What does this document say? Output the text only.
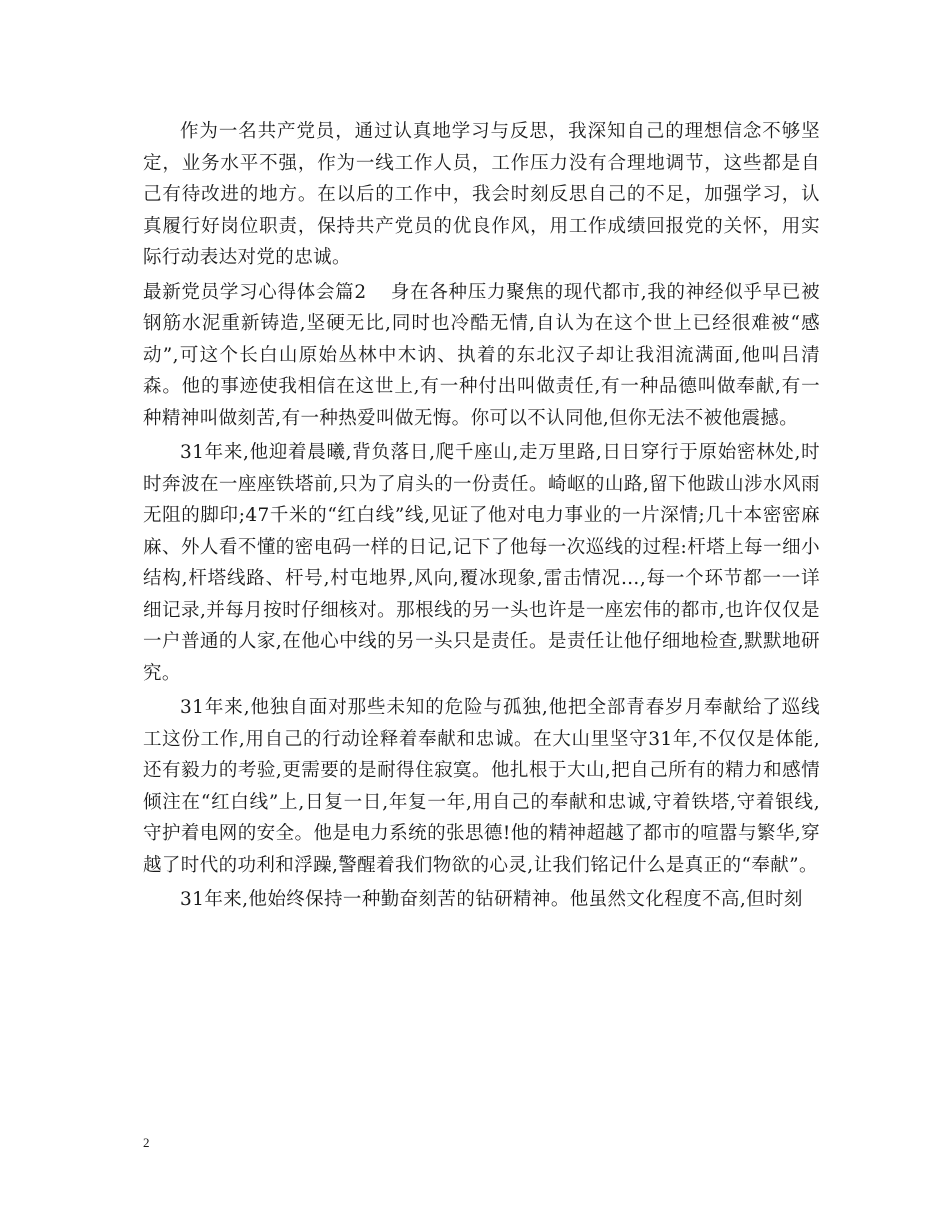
作为一名共产党员，通过认真地学习与反思，我深知自己的理想信念不够坚定，业务水平不强，作为一线工作人员，工作压力没有合理地调节，这些都是自己有待改进的地方。在以后的工作中，我会时刻反思自己的不足，加强学习，认真履行好岗位职责，保持共产党员的优良作风，用工作成绩回报党的关怀，用实际行动表达对党的忠诚。

最新党员学习心得体会篇2 身在各种压力聚焦的现代都市,我的神经似乎早已被钢筋水泥重新铸造,坚硬无比,同时也冷酷无情,自认为在这个世上已经很难被“感动”,可这个长白山原始丛林中木讷、执着的东北汉子却让我泪流满面,他叫吕清森。他的事迹使我相信在这世上,有一种付出叫做责任,有一种品德叫做奉献,有一种精神叫做刻苦,有一种热爱叫做无悔。你可以不认同他,但你无法不被他震撼。

31年来,他迎着晨曦,背负落日,爬千座山,走万里路,日日穿行于原始密林处,时时奔波在一座座铁塔前,只为了肩头的一份责任。崎岖的山路,留下他跋山涉水风雨无阻的脚印;47千米的“红白线”线,见证了他对电力事业的一片深情;几十本密密麻麻、外人看不懂的密电码一样的日记,记下了他每一次巡线的过程:杆塔上每一细小结构,杆塔线路、杆号,村屯地界,风向,覆冰现象,雷击情况…,每一个环节都一一详细记录,并每月按时仔细核对。那根线的另一头也许是一座宏伟的都市,也许仅仅是一户普通的人家,在他心中线的另一头只是责任。是责任让他仔细地检查,默默地研究。

31年来,他独自面对那些未知的危险与孤独,他把全部青春岁月奉献给了巡线工这份工作,用自己的行动诠释着奉献和忠诚。在大山里坚守31年,不仅仅是体能,还有毅力的考验,更需要的是耐得住寂寞。他扎根于大山,把自己所有的精力和感情倾注在“红白线”上,日复一日,年复一年,用自己的奉献和忠诚,守着铁塔,守着银线,守护着电网的安全。他是电力系统的张思德!他的精神超越了都市的喧嚣与繁华,穿越了时代的功利和浮躁,警醒着我们物欲的心灵,让我们铭记什么是真正的“奉献”。

31年来,他始终保持一种勤奋刻苦的钻研精神。他虽然文化程度不高,但时刻

2
